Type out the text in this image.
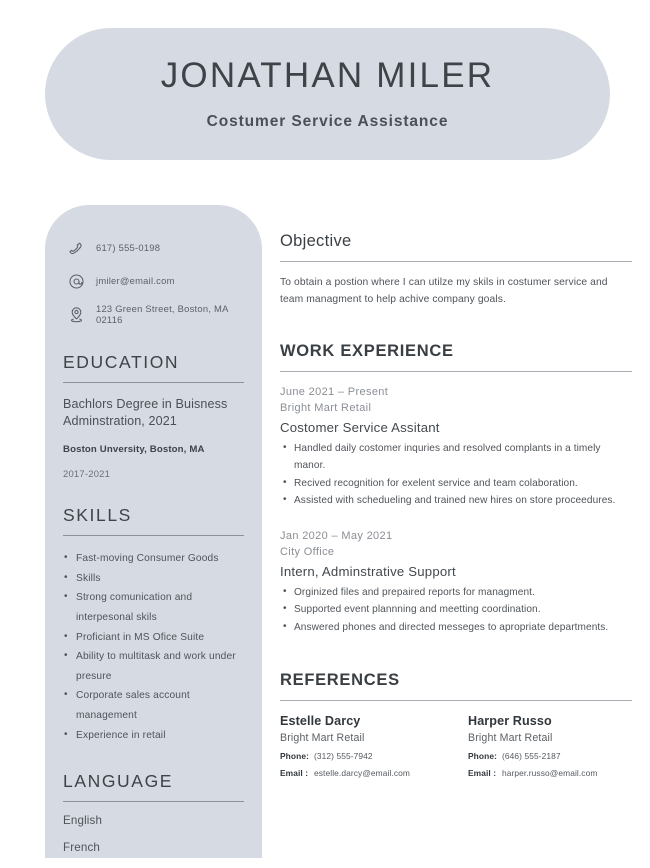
JONATHAN MILER
Costumer Service Assistance
617) 555-0198
jmiler@email.com
123 Green Street, Boston, MA 02116
EDUCATION
Bachlors Degree in Buisness Adminstration, 2021
Boston Unversity, Boston, MA
2017-2021
SKILLS
• Fast-moving Consumer Goods
• Skills
• Strong comunication and interpesonal skils
• Proficiant in MS Ofice Suite
• Ability to multitask and work under presure
• Corporate sales account management
• Experience in retail
LANGUAGE
English
French
Objective
To obtain a postion where I can utilze my skils in costumer service and team managment to help achive company goals.
WORK EXPERIENCE
June 2021 – Present
Bright Mart Retail
Costomer Service Assitant
• Handled daily costomer inquries and resolved complants in a timely manor.
• Recived recognition for exelent service and team colaboration.
• Assisted with schedueling and trained new hires on store proceedures.
Jan 2020 – May 2021
City Office
Intern, Adminstrative Support
• Orginized files and prepaired reports for managment.
• Supported event plannning and meetting coordination.
• Answered phones and directed messeges to apropriate departments.
REFERENCES
Estelle Darcy
Bright Mart Retail
Phone: (312) 555-7942
Email : estelle.darcy@email.com
Harper Russo
Bright Mart Retail
Phone: (646) 555-2187
Email : harper.russo@email.com
